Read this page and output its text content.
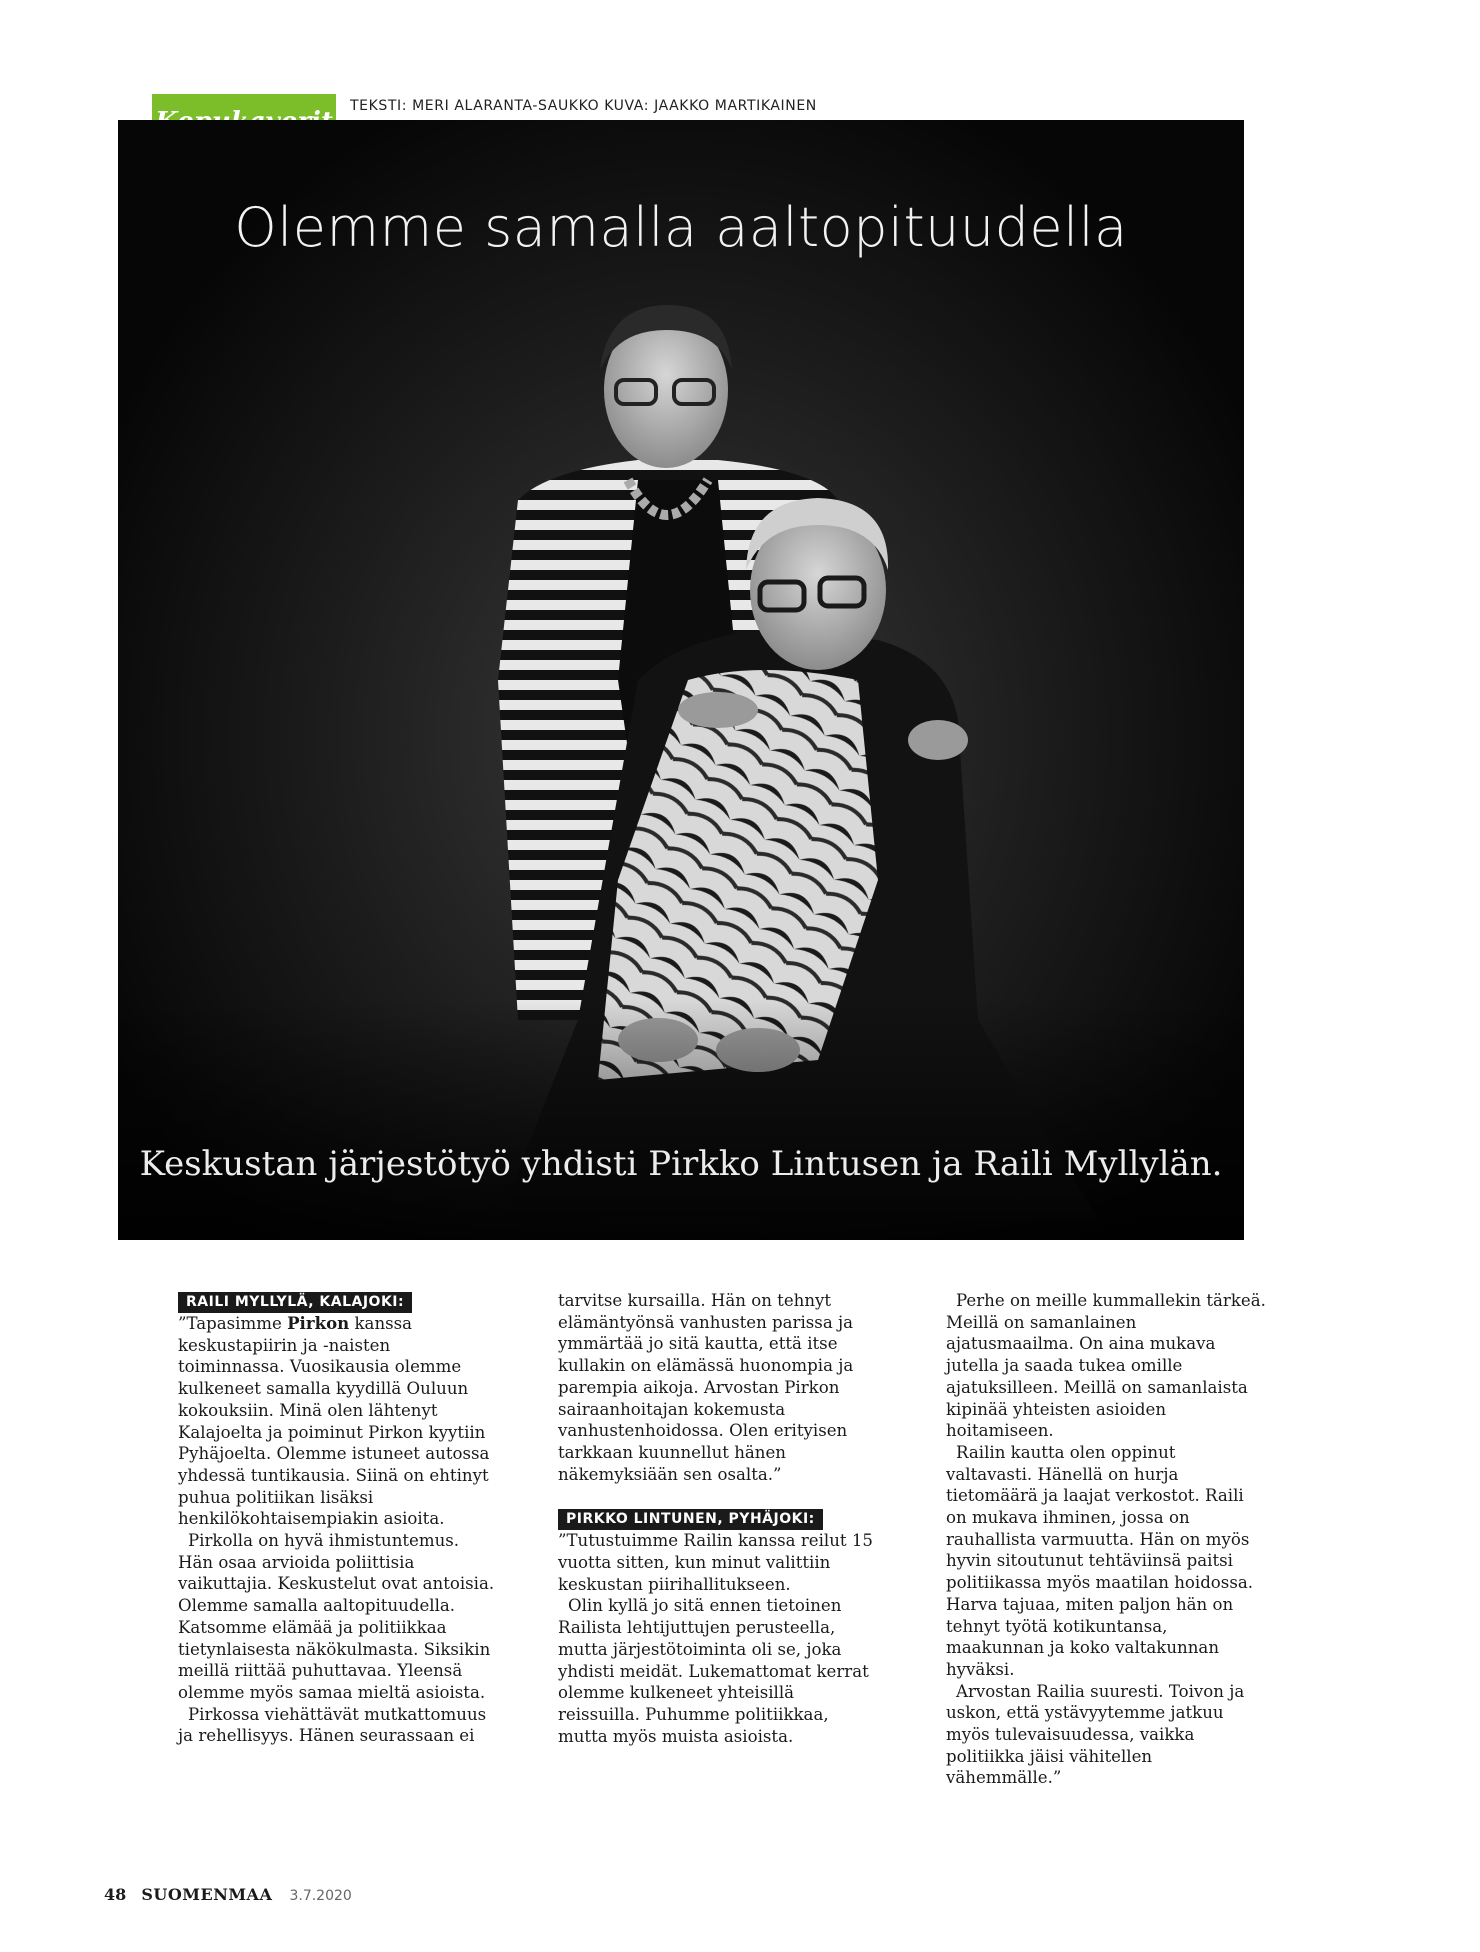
TEKSTI: MERI ALARANTA-SAUKKO KUVA: JAAKKO MARTIKAINEN
Olemme samalla aaltopituudella
Keskustan järjestötyö yhdisti Pirkko Lintusen ja Raili Myllylän.

RAILI MYLLYLÄ, KALAJOKI:”Tapasimme Pirkon kanssa keskustapiirin ja -naisten toiminnassa. Vuosikausia olemme kulkeneet samalla kyydillä Ouluun kokouksiin. Minä olen lähtenyt Kalajoelta ja poiminut Pirkon kyytiin Pyhäjoelta. Olemme istuneet autossa yhdessä tuntikausia. Siinä on ehtinyt puhua politiikan lisäksi henkilökohtaisempiakin asioita.

Pirkolla on hyvä ihmistuntemus. Hän osaa arvioida poliittisia vaikuttajia. Keskustelut ovat antoisia. Olemme samalla aaltopituudella. Katsomme elämää ja politiikkaa tietynlaisesta näkökulmasta. Siksikin meillä riittää puhuttavaa. Yleensä olemme myös samaa mieltä asioista.

Pirkossa viehättävät mutkattomuus ja rehellisyys. Hänen seurassaan ei

tarvitse kursailla. Hän on tehnyt elämäntyönsä vanhusten parissa ja ymmärtää jo sitä kautta, että itse kullakin on elämässä huonompia ja parempia aikoja. Arvostan Pirkon sairaanhoitajan kokemusta vanhustenhoidossa. Olen erityisen tarkkaan kuunnellut hänen näkemyksiään sen osalta.”

PIRKKO LINTUNEN, PYHÄJOKI:”Tutustuimme Railin kanssa reilut 15 vuotta sitten, kun minut valittiin keskustan piirihallitukseen.

Olin kyllä jo sitä ennen tietoinen Railista lehtijuttujen perusteella, mutta järjestötoiminta oli se, joka yhdisti meidät. Lukemattomat kerrat olemme kulkeneet yhteisillä reissuilla. Puhumme politiikkaa, mutta myös muista asioista.

Perhe on meille kummallekin tärkeä. Meillä on samanlainen ajatusmaailma. On aina mukava jutella ja saada tukea omille ajatuksilleen. Meillä on samanlaista kipinää yhteisten asioiden hoitamiseen.

Railin kautta olen oppinut valtavasti. Hänellä on hurja tietomäärä ja laajat verkostot. Raili on mukava ihminen, jossa on rauhallista varmuutta. Hän on myös hyvin sitoutunut tehtäviinsä paitsi politiikassa myös maatilan hoidossa. Harva tajuaa, miten paljon hän on tehnyt työtä kotikuntansa, maakunnan ja koko valtakunnan hyväksi.

Arvostan Railia suuresti. Toivon ja uskon, että ystävyytemme jatkuu myös tulevaisuudessa, vaikka politiikka jäisi vähitellen vähemmälle.”

48 SUOMENMAA 3.7.2020
